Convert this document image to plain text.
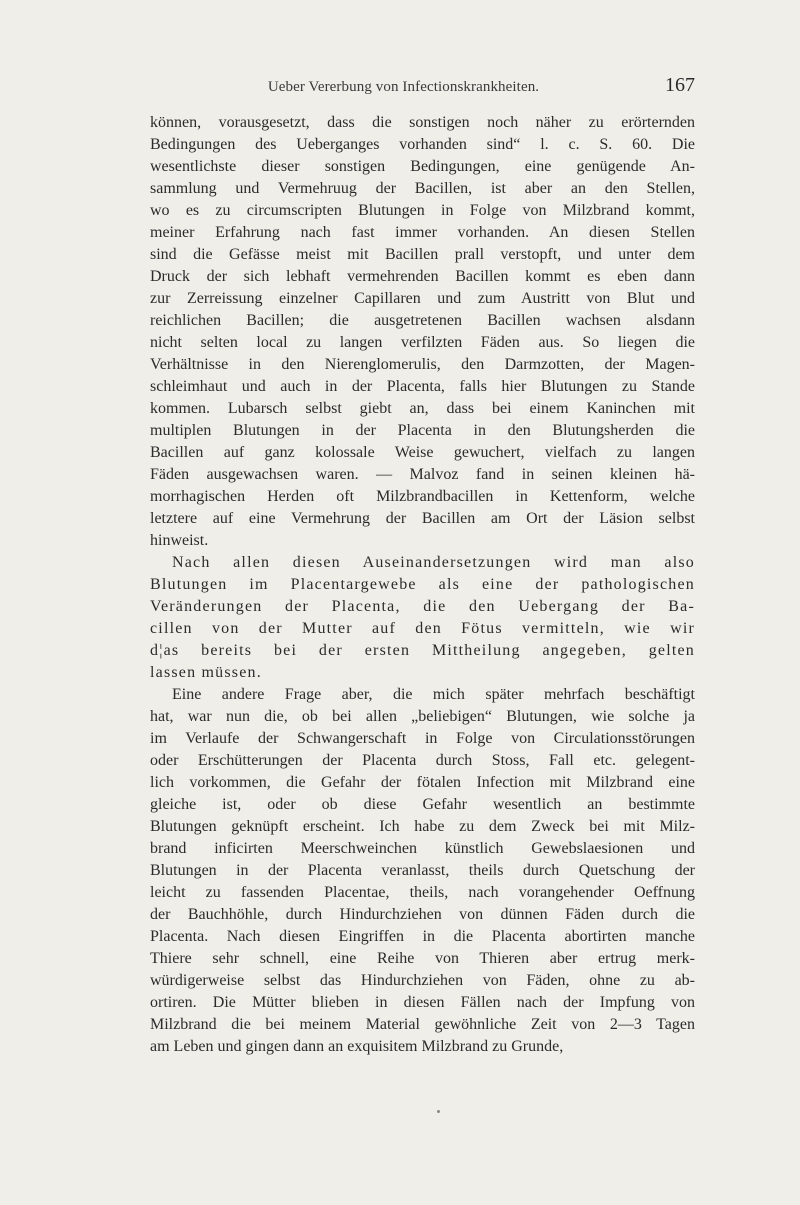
Ueber Vererbung von Infectionskrankheiten.	167
können, vorausgesetzt, dass die sonstigen noch näher zu erörternden
Bedingungen des Ueberganges vorhanden sind“ l. c. S. 60. Die
wesentlichste dieser sonstigen Bedingungen, eine genügende An-
sammlung und Vermehruug der Bacillen, ist aber an den Stellen,
wo es zu circumscripten Blutungen in Folge von Milzbrand kommt,
meiner Erfahrung nach fast immer vorhanden. An diesen Stellen
sind die Gefässe meist mit Bacillen prall verstopft, und unter dem
Druck der sich lebhaft vermehrenden Bacillen kommt es eben dann
zur Zerreissung einzelner Capillaren und zum Austritt von Blut und
reichlichen Bacillen; die ausgetretenen Bacillen wachsen alsdann
nicht selten local zu langen verfilzten Fäden aus. So liegen die
Verhältnisse in den Nierenglomerulis, den Darmzotten, der Magen-
schleimhaut und auch in der Placenta, falls hier Blutungen zu Stande
kommen. Lubarsch selbst giebt an, dass bei einem Kaninchen mit
multiplen Blutungen in der Placenta in den Blutungsherden die
Bacillen auf ganz kolossale Weise gewuchert, vielfach zu langen
Fäden ausgewachsen waren. — Malvoz fand in seinen kleinen hä-
morrhagischen Herden oft Milzbrandbacillen in Kettenform, welche
letztere auf eine Vermehrung der Bacillen am Ort der Läsion selbst
hinweist.
Nach allen diesen Auseinandersetzungen wird man also
Blutungen im Placentargewebe als eine der pathologischen
Veränderungen der Placenta, die den Uebergang der Ba-
cillen von der Mutter auf den Fötus vermitteln, wie wir
d¦as bereits bei der ersten Mittheilung angegeben, gelten
lassen müssen.
Eine andere Frage aber, die mich später mehrfach beschäftigt
hat, war nun die, ob bei allen „beliebigen“ Blutungen, wie solche ja
im Verlaufe der Schwangerschaft in Folge von Circulationsstörungen
oder Erschütterungen der Placenta durch Stoss, Fall etc. gelegent-
lich vorkommen, die Gefahr der fötalen Infection mit Milzbrand eine
gleiche ist, oder ob diese Gefahr wesentlich an bestimmte
Blutungen geknüpft erscheint. Ich habe zu dem Zweck bei mit Milz-
brand inficirten Meerschweinchen künstlich Gewebslaesionen und
Blutungen in der Placenta veranlasst, theils durch Quetschung der
leicht zu fassenden Placentae, theils, nach vorangehender Oeffnung
der Bauchhöhle, durch Hindurchziehen von dünnen Fäden durch die
Placenta. Nach diesen Eingriffen in die Placenta abortirten manche
Thiere sehr schnell, eine Reihe von Thieren aber ertrug merk-
würdigerweise selbst das Hindurchziehen von Fäden, ohne zu ab-
ortiren. Die Mütter blieben in diesen Fällen nach der Impfung von
Milzbrand die bei meinem Material gewöhnliche Zeit von 2—3 Tagen
am Leben und gingen dann an exquisitem Milzbrand zu Grunde,
